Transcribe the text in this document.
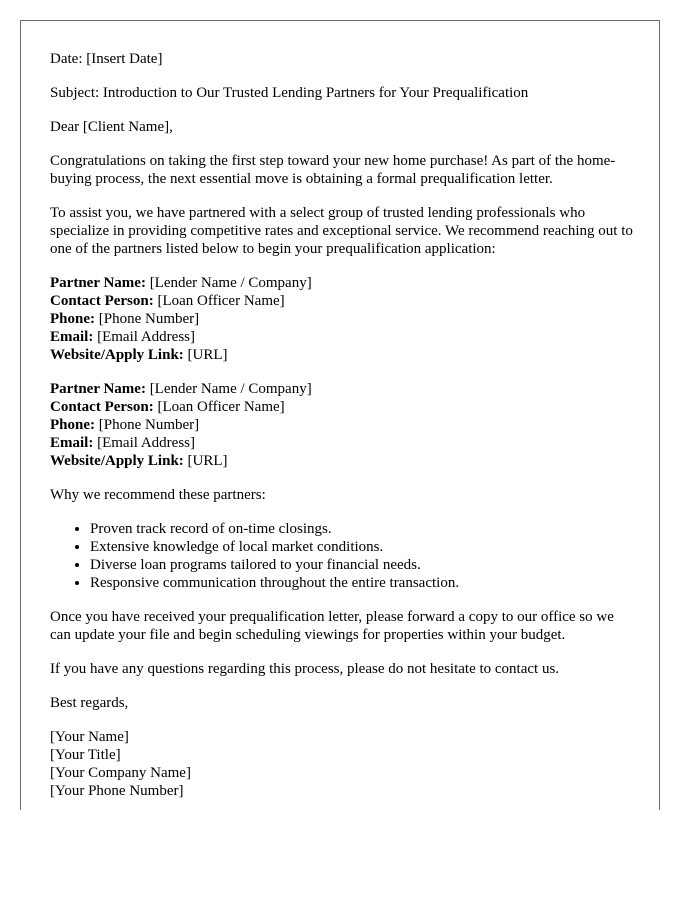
Date: [Insert Date]

Subject: Introduction to Our Trusted Lending Partners for Your Prequalification

Dear [Client Name],

Congratulations on taking the first step toward your new home purchase! As part of the home-buying process, the next essential move is obtaining a formal prequalification letter.

To assist you, we have partnered with a select group of trusted lending professionals who specialize in providing competitive rates and exceptional service. We recommend reaching out to one of the partners listed below to begin your prequalification application:

Partner Name: [Lender Name / Company]
Contact Person: [Loan Officer Name]
Phone: [Phone Number]
Email: [Email Address]
Website/Apply Link: [URL]
Partner Name: [Lender Name / Company]
Contact Person: [Loan Officer Name]
Phone: [Phone Number]
Email: [Email Address]
Website/Apply Link: [URL]

Why we recommend these partners:

• Proven track record of on-time closings.
• Extensive knowledge of local market conditions.
• Diverse loan programs tailored to your financial needs.
• Responsive communication throughout the entire transaction.

Once you have received your prequalification letter, please forward a copy to our office so we can update your file and begin scheduling viewings for properties within your budget.

If you have any questions regarding this process, please do not hesitate to contact us.

Best regards,

[Your Name]
[Your Title]
[Your Company Name]
[Your Phone Number]
